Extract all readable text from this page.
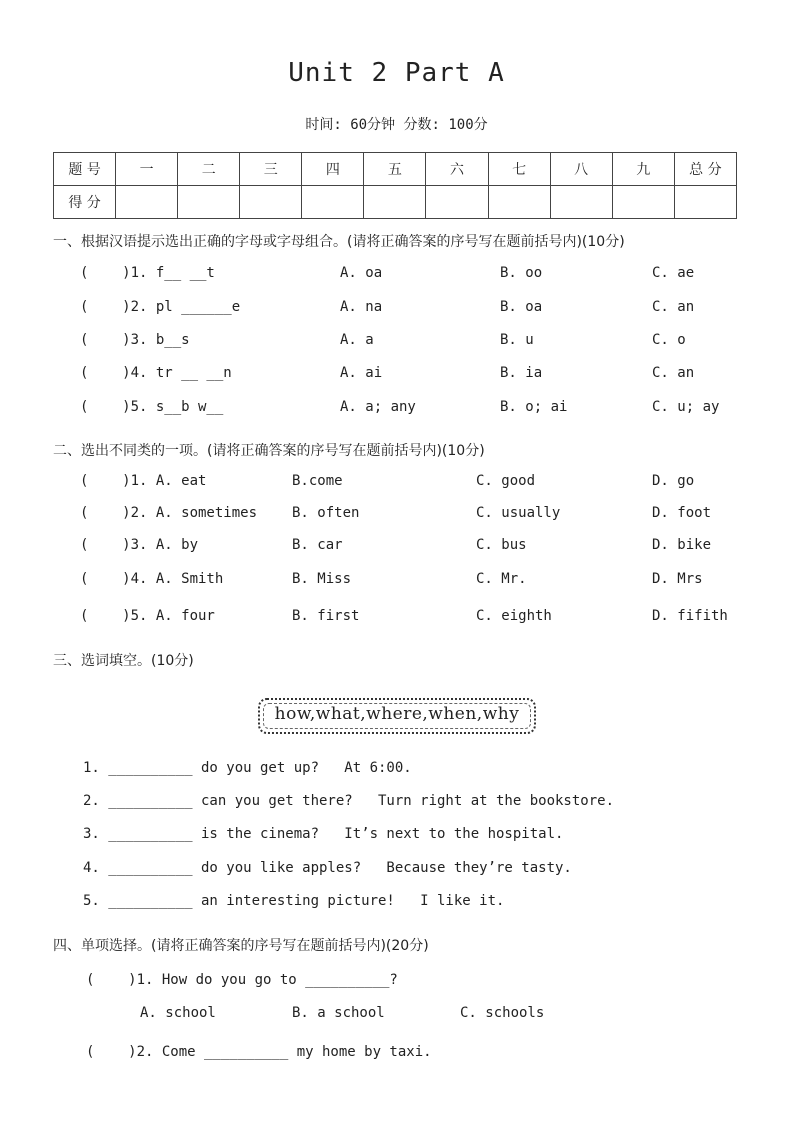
Unit 2 Part A
时间: 60分钟 分数: 100分
题 号	一	二	三	四	五	六	七	八	九	总 分
得 分										
一、根据汉语提示选出正确的字母或字母组合。(请将正确答案的序号写在题前括号内)(10分)
(    )1. f__ __t	A. oa	B. oo	C. ae
(    )2. pl ______e	A. na	B. oa	C. an
(    )3. b__s	A. a	B. u	C. o
(    )4. tr __ __n	A. ai	B. ia	C. an
(    )5. s__b w__	A. a; any	B. o; ai	C. u; ay
二、选出不同类的一项。(请将正确答案的序号写在题前括号内)(10分)
(    )1. A. eat	B.come	C. good	D. go
(    )2. A. sometimes B. often	C. usually	D. foot
(    )3. A. by	B. car	C. bus	D. bike
(    )4. A. Smith	B. Miss	C. Mr.	D. Mrs
(    )5. A. four	B. first	C. eighth	D. fifith
三、选词填空。(10分)
how,what,where,when,why
1. __________ do you get up?   At 6:00.
2. __________ can you get there?   Turn right at the bookstore.
3. __________ is the cinema?   It’s next to the hospital.
4. __________ do you like apples?   Because they’re tasty.
5. __________ an interesting picture!   I like it.
四、单项选择。(请将正确答案的序号写在题前括号内)(20分)
(    )1. How do you go to __________?
A. school	B. a school	C. schools
(    )2. Come __________ my home by taxi.
